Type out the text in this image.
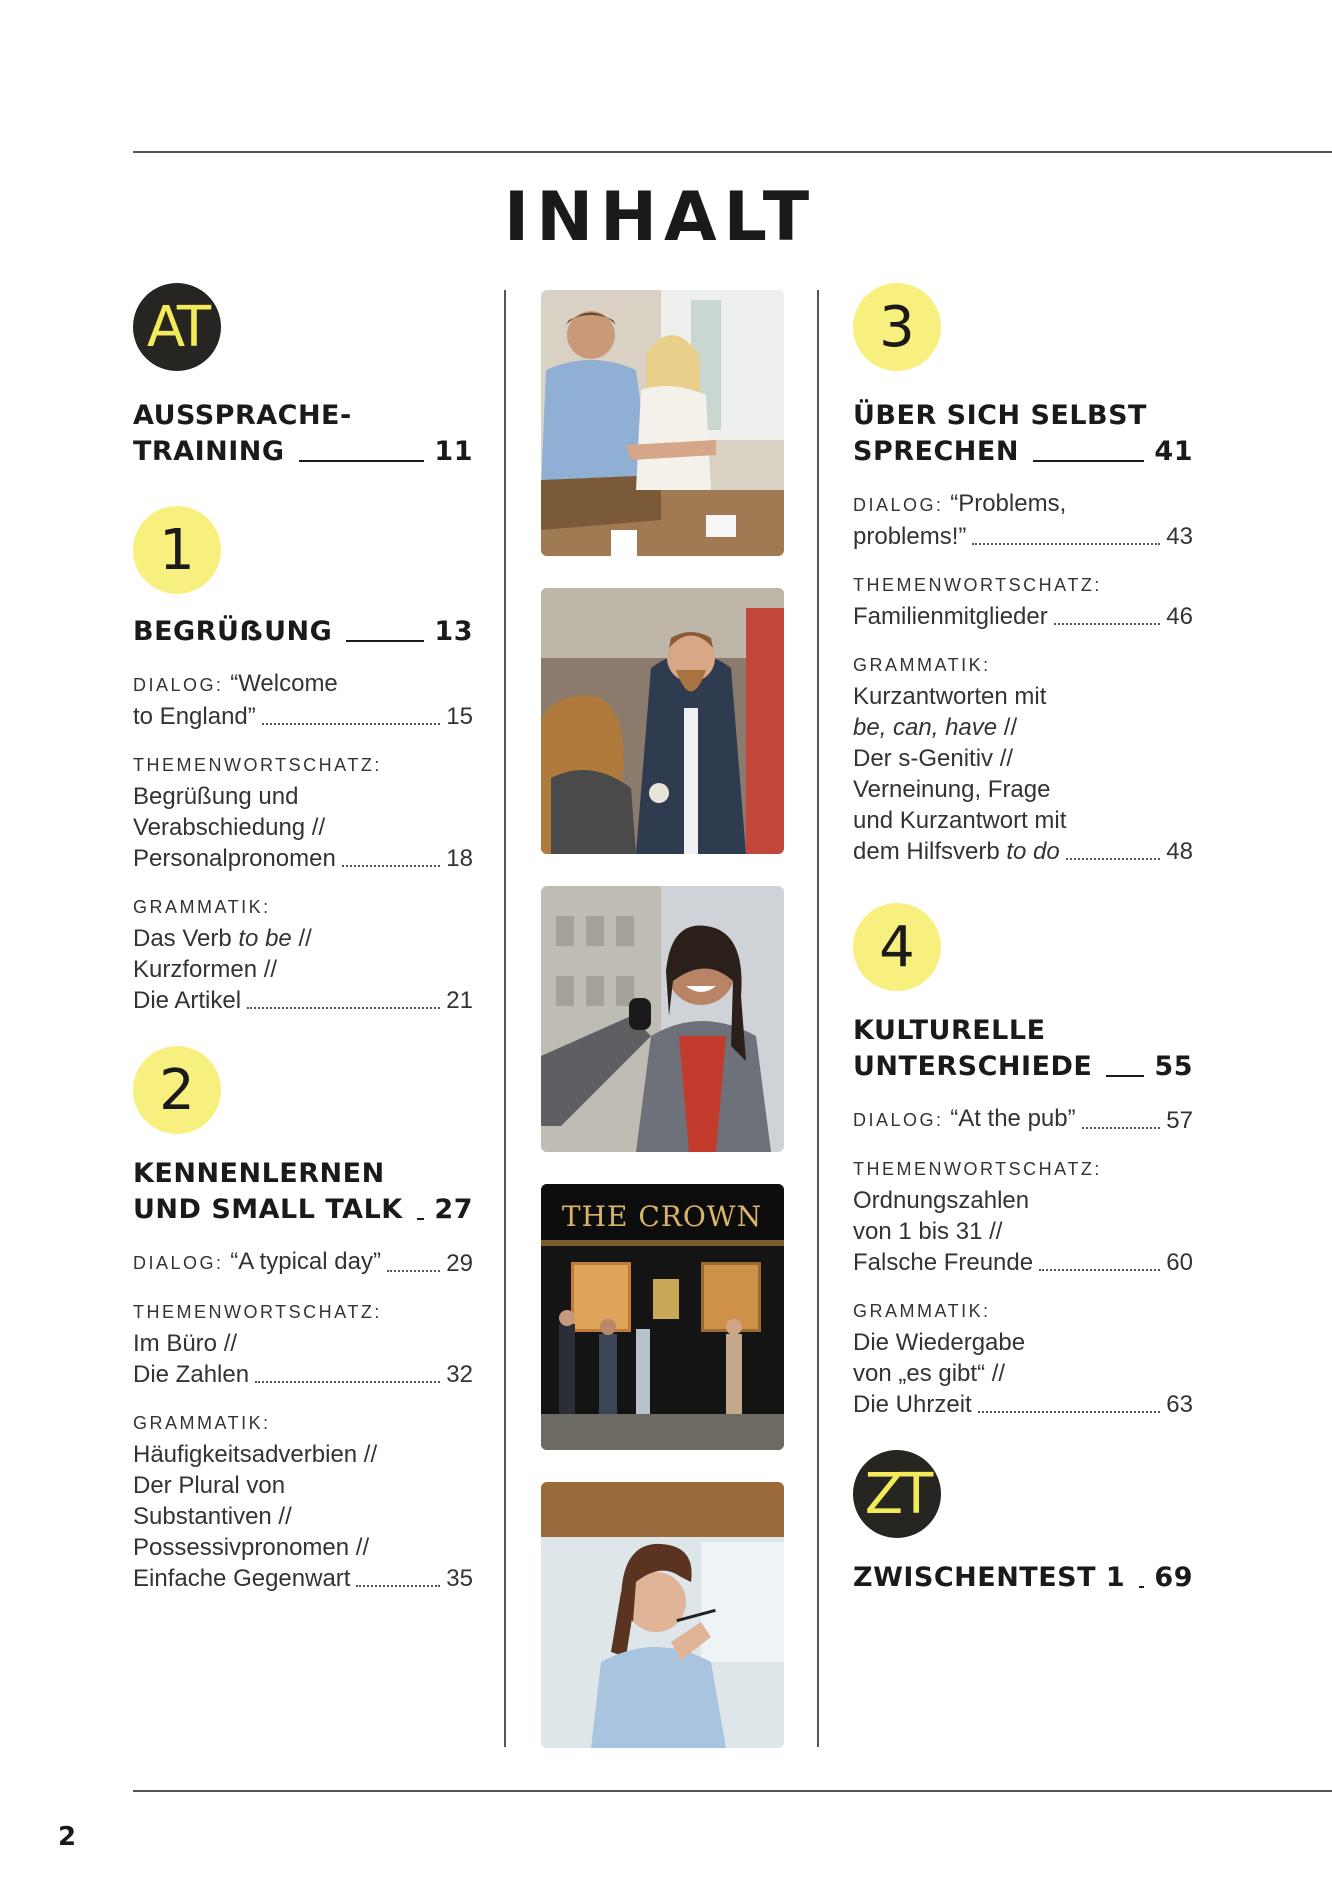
INHALT
AT
AUSSPRACHE-
TRAINING	11
1
BEGRÜẞUNG	13
DIALOG: “Welcome
to England”	15
THEMENWORTSCHATZ:
Begrüßung und
Verabschiedung //
Personalpronomen	18
GRAMMATIK:
Das Verb to be //
Kurzformen //
Die Artikel	21
2
KENNENLERNEN
UND SMALL TALK 27
DIALOG: “A typical day”	29
THEMENWORTSCHATZ:
Im Büro //
Die Zahlen	32
GRAMMATIK:
Häufigkeitsadverbien //
Der Plural von
Substantiven //
Possessivpronomen //
Einfache Gegenwart	35
THE CROWN
3
ÜBER SICH SELBST
SPRECHEN	41
DIALOG: “Problems,
problems!”	43
THEMENWORTSCHATZ:
Familienmitglieder	46
GRAMMATIK:
Kurzantworten mit
be, can, have //
Der s-Genitiv //
Verneinung, Frage
und Kurzantwort mit
dem Hilfsverb to do	48
4
KULTURELLE
UNTERSCHIEDE 55
DIALOG: “At the pub”	57
THEMENWORTSCHATZ:
Ordnungszahlen
von 1 bis 31 //
Falsche Freunde	60
GRAMMATIK:
Die Wiedergabe
von „es gibt“ //
Die Uhrzeit	63
ZT
ZWISCHENTEST 1 69
2
